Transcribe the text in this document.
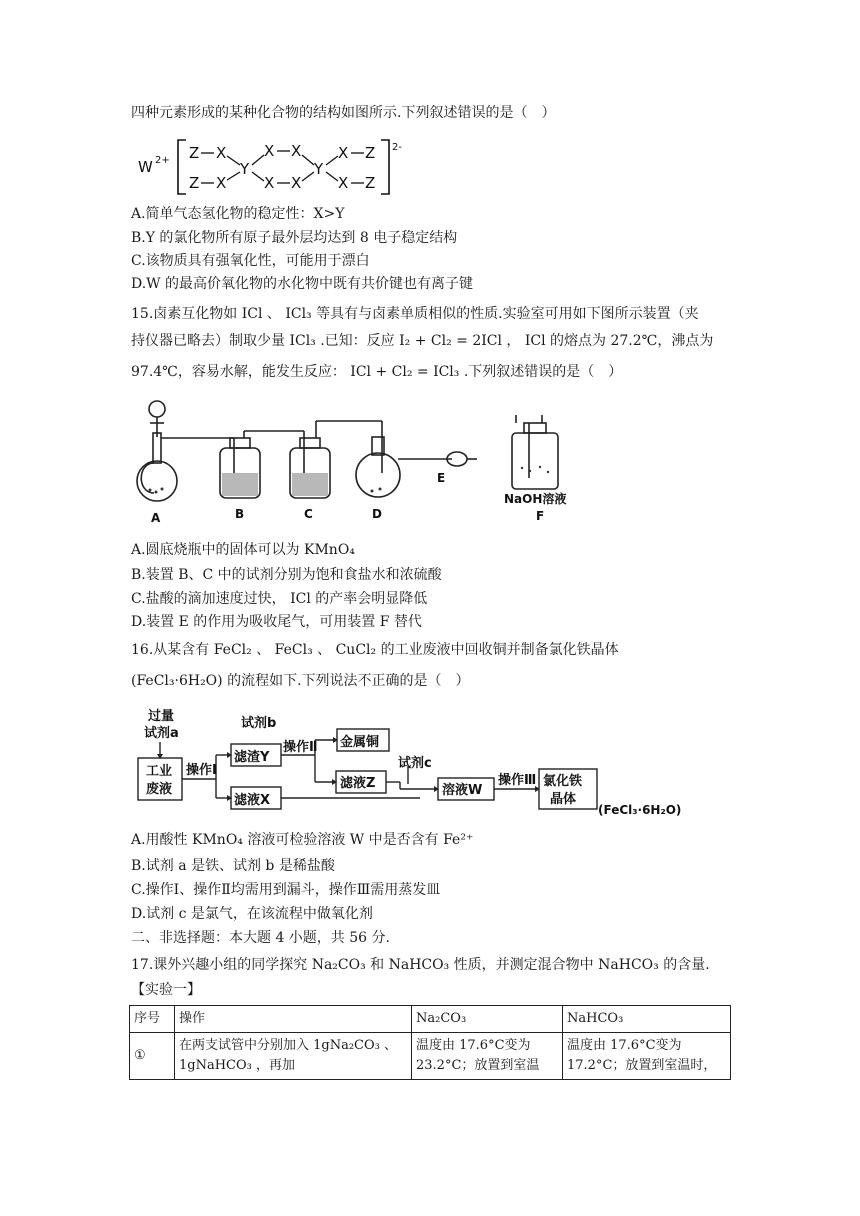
四种元素形成的某种化合物的结构如图所示.下列叙述错误的是（　）
W 2+
2-
Z X
X
Z
Y
X X
X X
Y
X Z
X Z
A.简单气态氢化物的稳定性：X>Y
B.Y 的氯化物所有原子最外层均达到 8 电子稳定结构
C.该物质具有强氧化性，可能用于漂白
D.W 的最高价氧化物的水化物中既有共价键也有离子键
15.卤素互化物如 ICl 、 ICl₃ 等具有与卤素单质相似的性质.实验室可用如下图所示装置（夹
持仪器已略去）制取少量 ICl₃ .已知：反应 I₂ + Cl₂ = 2ICl ， ICl 的熔点为 27.2℃，沸点为
97.4℃，容易水解，能发生反应： ICl + Cl₂ = ICl₃ .下列叙述错误的是（　）
A	B	C	D
E
NaOH溶液
F
A.圆底烧瓶中的固体可以为 KMnO₄
B.装置 B、C 中的试剂分别为饱和食盐水和浓硫酸
C.盐酸的滴加速度过快， ICl 的产率会明显降低
D.装置 E 的作用为吸收尾气，可用装置 F 替代
16.从某含有 FeCl₂ 、 FeCl₃ 、 CuCl₂ 的工业废液中回收铜并制备氯化铁晶体
(FeCl₃·6H₂O) 的流程如下.下列说法不正确的是（　）
过量
试剂a
操作Ⅰ
工业
废液
试剂b
滤渣Y
操作Ⅱ 金属铜
滤液Z
试剂c
滤液X
溶液W
操作Ⅲ 氯化铁
晶体
(FeCl₃·6H₂O)
A.用酸性 KMnO₄ 溶液可检验溶液 W 中是否含有 Fe²⁺
B.试剂 a 是铁、试剂 b 是稀盐酸
C.操作Ⅰ、操作Ⅱ均需用到漏斗，操作Ⅲ需用蒸发皿
D.试剂 c 是氯气，在该流程中做氧化剂
二、非选择题：本大题 4 小题，共 56 分.
17.课外兴趣小组的同学探究 Na₂CO₃ 和 NaHCO₃ 性质，并测定混合物中 NaHCO₃ 的含量.
【实验一】
序号	操作	Na₂CO₃	NaHCO₃
①	在两支试管中分别加入 1gNa₂CO₃ 、1gNaHCO₃ ，再加	温度由 17.6°C变为 23.2°C；放置到室温	温度由 17.6°C变为 17.2°C；放置到室温时，
